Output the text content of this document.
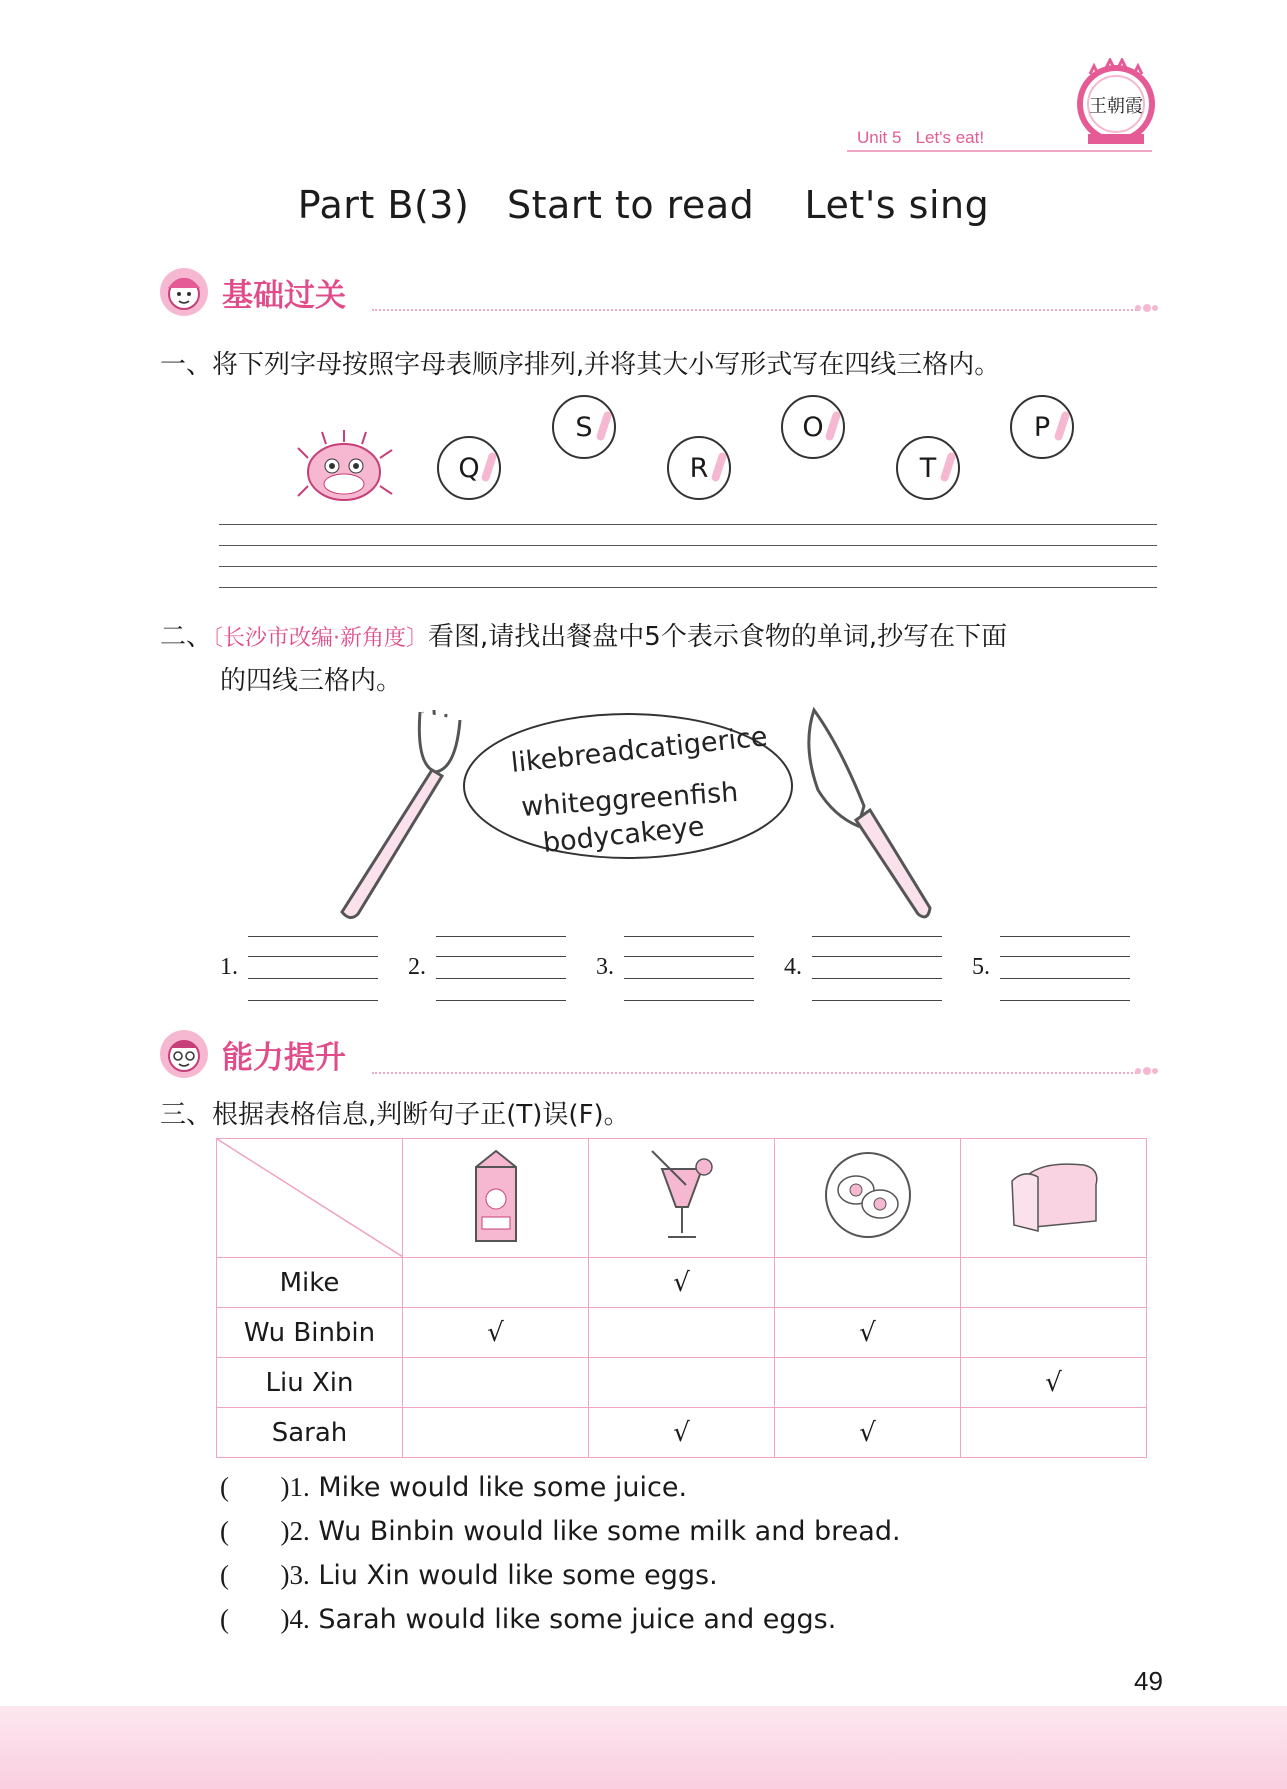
Unit 5 Let's eat!
王朝霞
Part B(3)   Start to read    Let's sing
基础过关
一、将下列字母按照字母表顺序排列,并将其大小写形式写在四线三格内。
Q
S
R
O
T
P
二、〔长沙市改编·新角度〕看图,请找出餐盘中5个表示食物的单词,抄写在下面
的四线三格内。
likebreadcatigerice
whiteggreenfish
bodycakeye
1.	2.	3.	4.	5.
能力提升
三、根据表格信息,判断句子正(T)误(F)。

Mike		√		
Wu Binbin	√		√	
Liu Xin				√
Sarah		√	√	
( )1. Mike would like some juice.
( )2. Wu Binbin would like some milk and bread.
( )3. Liu Xin would like some eggs.
( )4. Sarah would like some juice and eggs.
49
